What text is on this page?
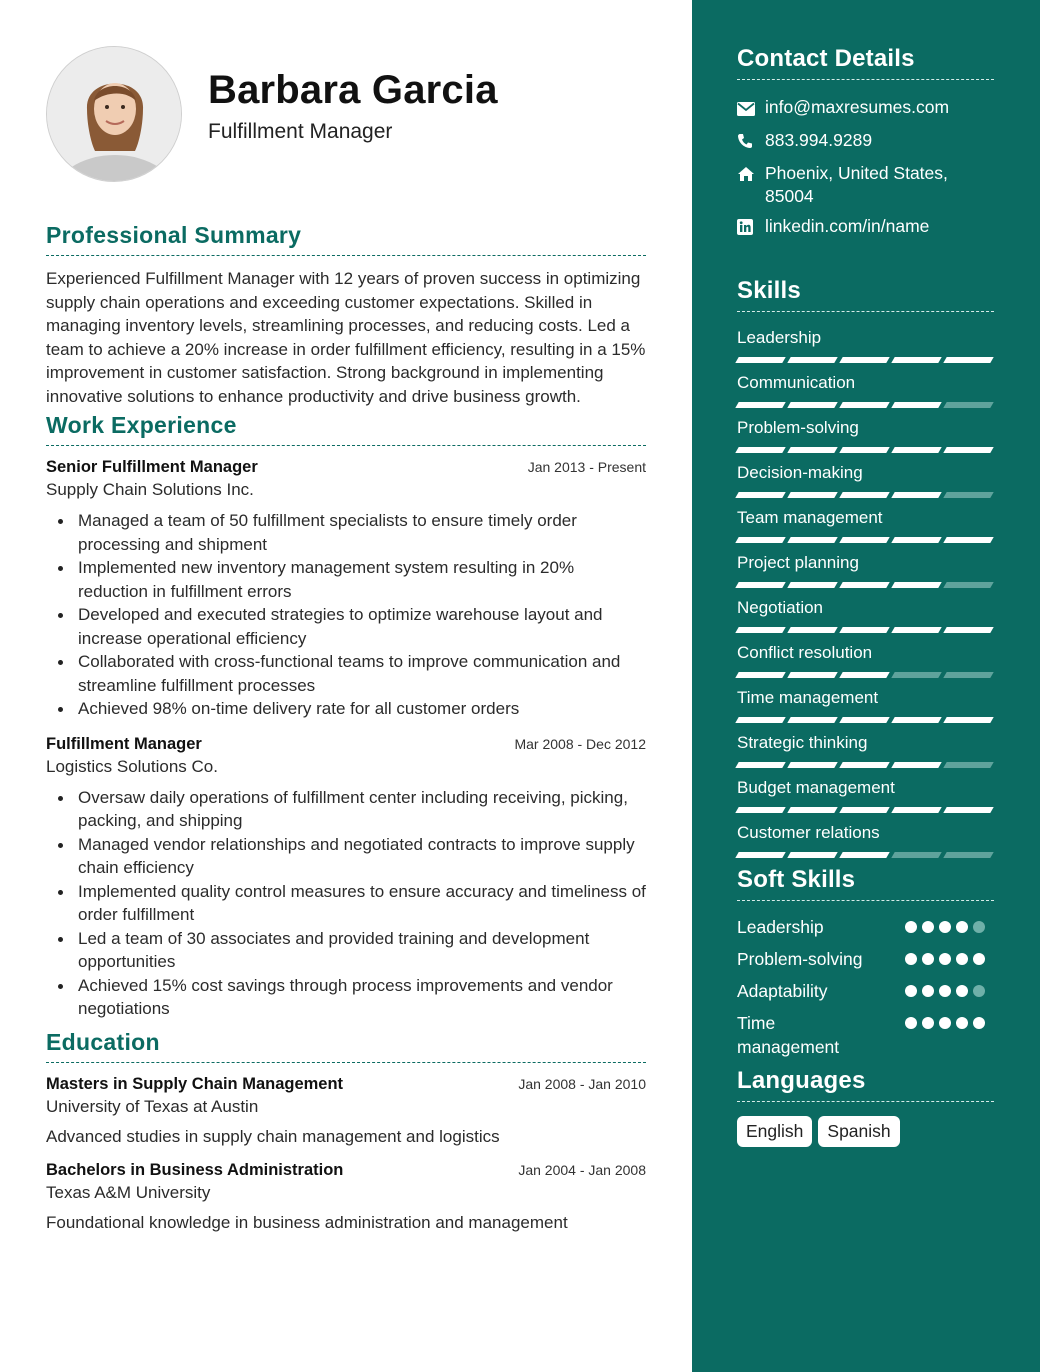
Barbara Garcia
Fulfillment Manager
Professional Summary

Experienced Fulfillment Manager with 12 years of proven success in optimizing supply chain operations and exceeding customer expectations. Skilled in managing inventory levels, streamlining processes, and reducing costs. Led a team to achieve a 20% increase in order fulfillment efficiency, resulting in a 15% improvement in customer satisfaction. Strong background in implementing innovative solutions to enhance productivity and drive business growth.

Work Experience
Senior Fulfillment Manager	Jan 2013 - Present
Supply Chain Solutions Inc.
Managed a team of 50 fulfillment specialists to ensure timely order processing and shipment
Implemented new inventory management system resulting in 20% reduction in fulfillment errors
Developed and executed strategies to optimize warehouse layout and increase operational efficiency
Collaborated with cross-functional teams to improve communication and streamline fulfillment processes
Achieved 98% on-time delivery rate for all customer orders
Fulfillment Manager	Mar 2008 - Dec 2012
Logistics Solutions Co.
Oversaw daily operations of fulfillment center including receiving, picking, packing, and shipping
Managed vendor relationships and negotiated contracts to improve supply chain efficiency
Implemented quality control measures to ensure accuracy and timeliness of order fulfillment
Led a team of 30 associates and provided training and development opportunities
Achieved 15% cost savings through process improvements and vendor negotiations
Education
Masters in Supply Chain Management	Jan 2008 - Jan 2010
University of Texas at Austin
Advanced studies in supply chain management and logistics
Bachelors in Business Administration	Jan 2004 - Jan 2008
Texas A&M University
Foundational knowledge in business administration and management
Contact Details
info@maxresumes.com
883.994.9289
Phoenix, United States, 85004
linkedin.com/in/name
Skills
Leadership
Communication
Problem-solving
Decision-making
Team management
Project planning
Negotiation
Conflict resolution
Time management
Strategic thinking
Budget management
Customer relations
Soft Skills
Leadership
Problem-solving
Adaptability
Time management
Languages
English	Spanish
